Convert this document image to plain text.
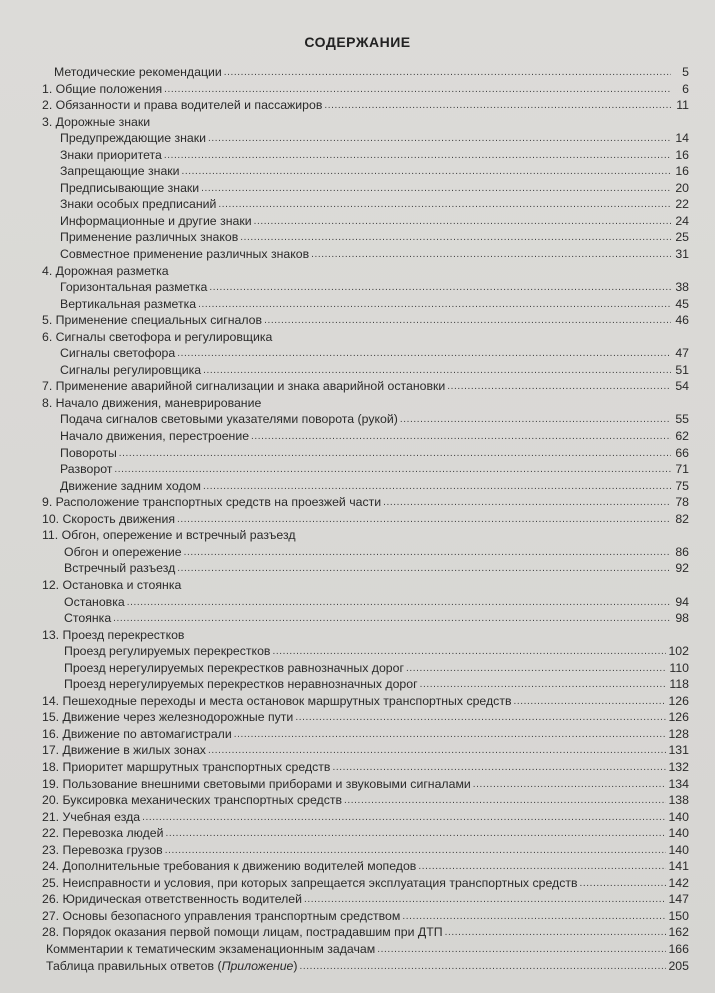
СОДЕРЖАНИЕ
Методические рекомендации .....	5
1. Общие положения .....	6
2. Обязанности и права водителей и пассажиров .....	11
3. Дорожные знаки
Предупреждающие знаки .....	14
Знаки приоритета .....	16
Запрещающие знаки .....	16
Предписывающие знаки .....	20
Знаки особых предписаний .....	22
Информационные и другие знаки .....	24
Применение различных знаков .....	25
Совместное применение различных знаков .....	31
4. Дорожная разметка
Горизонтальная разметка .....	38
Вертикальная разметка .....	45
5. Применение специальных сигналов .....	46
6. Сигналы светофора и регулировщика
Сигналы светофора .....	47
Сигналы регулировщика .....	51
7. Применение аварийной сигнализации и знака аварийной остановки .....	54
8. Начало движения, маневрирование
Подача сигналов световыми указателями поворота (рукой) .....	55
Начало движения, перестроение .....	62
Повороты .....	66
Разворот .....	71
Движение задним ходом .....	75
9. Расположение транспортных средств на проезжей части .....	78
10. Скорость движения .....	82
11. Обгон, опережение и встречный разъезд
Обгон и опережение .....	86
Встречный разъезд .....	92
12. Остановка и стоянка
Остановка .....	94
Стоянка .....	98
13. Проезд перекрестков
Проезд регулируемых перекрестков .....	102
Проезд нерегулируемых перекрестков равнозначных дорог .....	110
Проезд нерегулируемых перекрестков неравнозначных дорог .....	118
14. Пешеходные переходы и места остановок маршрутных транспортных средств .....	126
15. Движение через железнодорожные пути .....	126
16. Движение по автомагистрали .....	128
17. Движение в жилых зонах .....	131
18. Приоритет маршрутных транспортных средств .....	132
19. Пользование внешними световыми приборами и звуковыми сигналами .....	134
20. Буксировка механических транспортных средств .....	138
21. Учебная езда .....	140
22. Перевозка людей .....	140
23. Перевозка грузов .....	140
24. Дополнительные требования к движению водителей мопедов .....	141
25. Неисправности и условия, при которых запрещается эксплуатация транспортных средств .....	142
26. Юридическая ответственность водителей .....	147
27. Основы безопасного управления транспортным средством .....	150
28. Порядок оказания первой помощи лицам, пострадавшим при ДТП .....	162
Комментарии к тематическим экзаменационным задачам .....	166
Таблица правильных ответов (Приложение) .....	205
